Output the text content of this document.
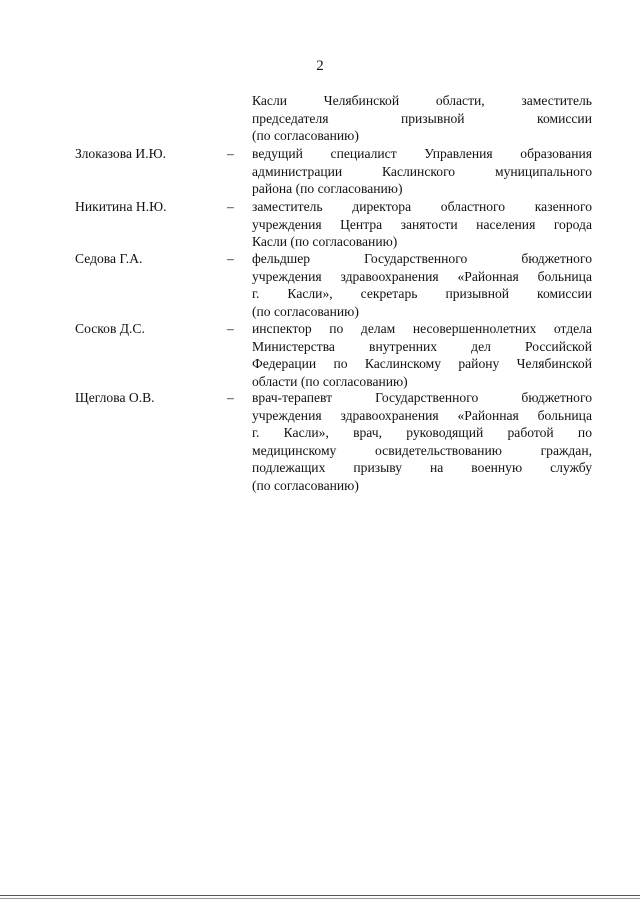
2
Касли Челябинской области, заместитель
председателя призывной комиссии
(по согласованию)
Злоказова И.Ю.	– ведущий специалист Управления образования
администрации Каслинского муниципального
района (по согласованию)
Никитина Н.Ю.	– заместитель директора областного казенного
учреждения Центра занятости населения города
Касли (по согласованию)
Седова Г.А.	– фельдшер Государственного бюджетного
учреждения здравоохранения «Районная больница
г. Касли», секретарь призывной комиссии
(по согласованию)
Сосков Д.С.	– инспектор по делам несовершеннолетних отдела
Министерства внутренних дел Российской
Федерации по Каслинскому району Челябинской
области (по согласованию)
Щеглова О.В.	– врач-терапевт Государственного бюджетного
учреждения здравоохранения «Районная больница
г. Касли», врач, руководящий работой по
медицинскому освидетельствованию граждан,
подлежащих призыву на военную службу
(по согласованию)
